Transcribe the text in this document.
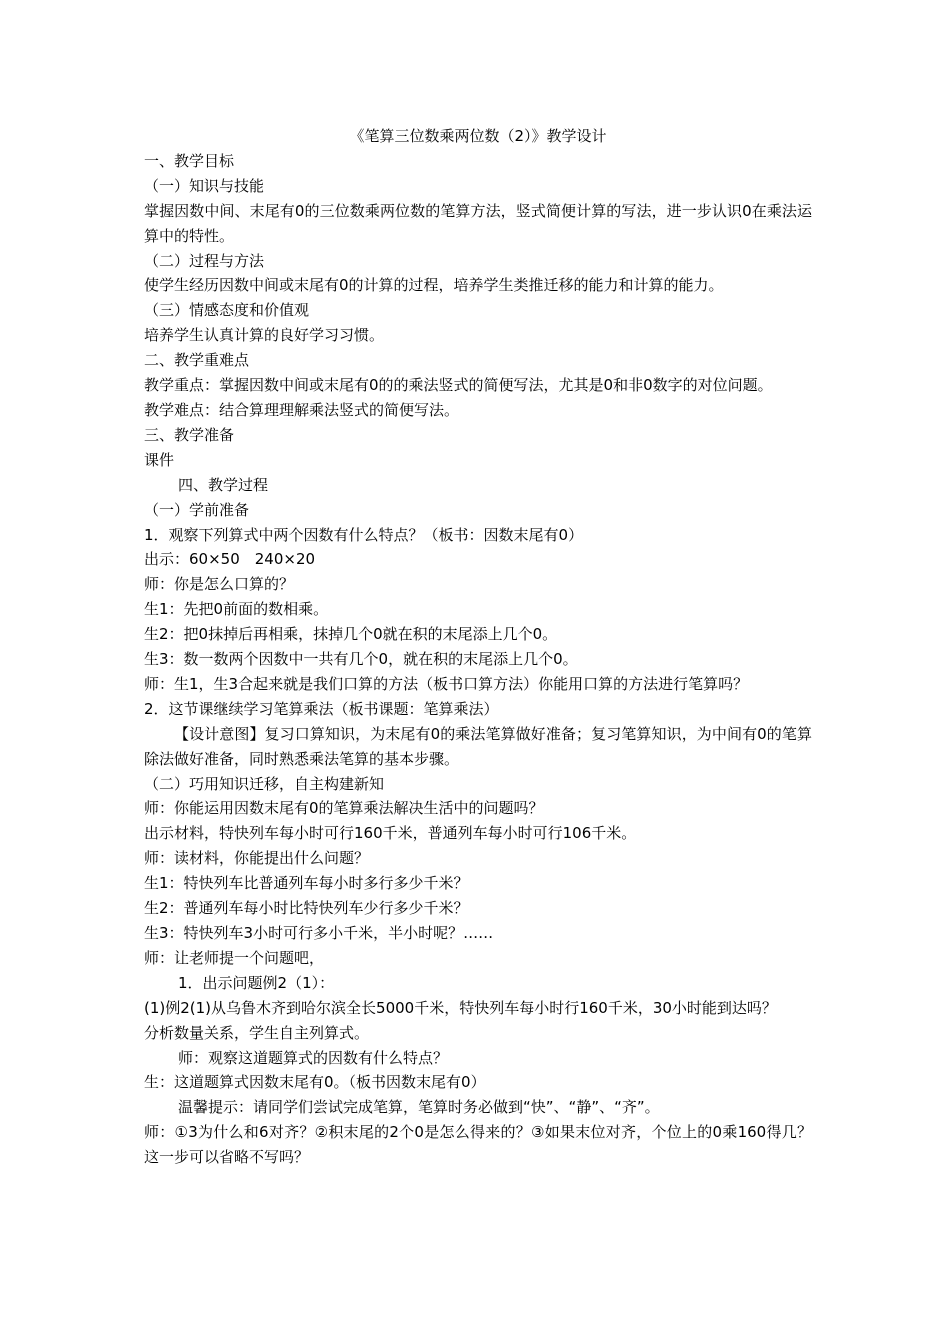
《笔算三位数乘两位数（2）》教学设计

一、教学目标

（一）知识与技能

掌握因数中间、末尾有0的三位数乘两位数的笔算方法，竖式简便计算的写法，进一步认识0在乘法运算中的特性。

（二）过程与方法

使学生经历因数中间或末尾有0的计算的过程，培养学生类推迁移的能力和计算的能力。

（三）情感态度和价值观

培养学生认真计算的良好学习习惯。

二、教学重难点

教学重点：掌握因数中间或末尾有0的的乘法竖式的简便写法，尤其是0和非0数字的对位问题。

教学难点：结合算理理解乘法竖式的简便写法。

三、教学准备

课件

四、教学过程

（一）学前准备

1．观察下列算式中两个因数有什么特点？（板书：因数末尾有0）

出示：60×50　240×20

师：你是怎么口算的？

生1：先把0前面的数相乘。

生2：把0抹掉后再相乘，抹掉几个0就在积的末尾添上几个0。

生3：数一数两个因数中一共有几个0，就在积的末尾添上几个0。

师：生1，生3合起来就是我们口算的方法（板书口算方法）你能用口算的方法进行笔算吗？

2．这节课继续学习笔算乘法（板书课题：笔算乘法）

【设计意图】复习口算知识，为末尾有0的乘法笔算做好准备；复习笔算知识，为中间有0的笔算除法做好准备，同时熟悉乘法笔算的基本步骤。

（二）巧用知识迁移，自主构建新知

师：你能运用因数末尾有0的笔算乘法解决生活中的问题吗？

出示材料，特快列车每小时可行160千米，普通列车每小时可行106千米。

师：读材料，你能提出什么问题？

生1：特快列车比普通列车每小时多行多少千米？

生2：普通列车每小时比特快列车少行多少千米？

生3：特快列车3小时可行多小千米，半小时呢？……

师：让老师提一个问题吧，

1．出示问题例2（1）：

(1)例2(1)从乌鲁木齐到哈尔滨全长5000千米，特快列车每小时行160千米，30小时能到达吗？

分析数量关系，学生自主列算式。

师：观察这道题算式的因数有什么特点？

生：这道题算式因数末尾有0。（板书因数末尾有0）

温馨提示：请同学们尝试完成笔算，笔算时务必做到“快”、“静”、“齐”。

师：①3为什么和6对齐？②积末尾的2个0是怎么得来的？③如果末位对齐，个位上的0乘160得几？这一步可以省略不写吗？
